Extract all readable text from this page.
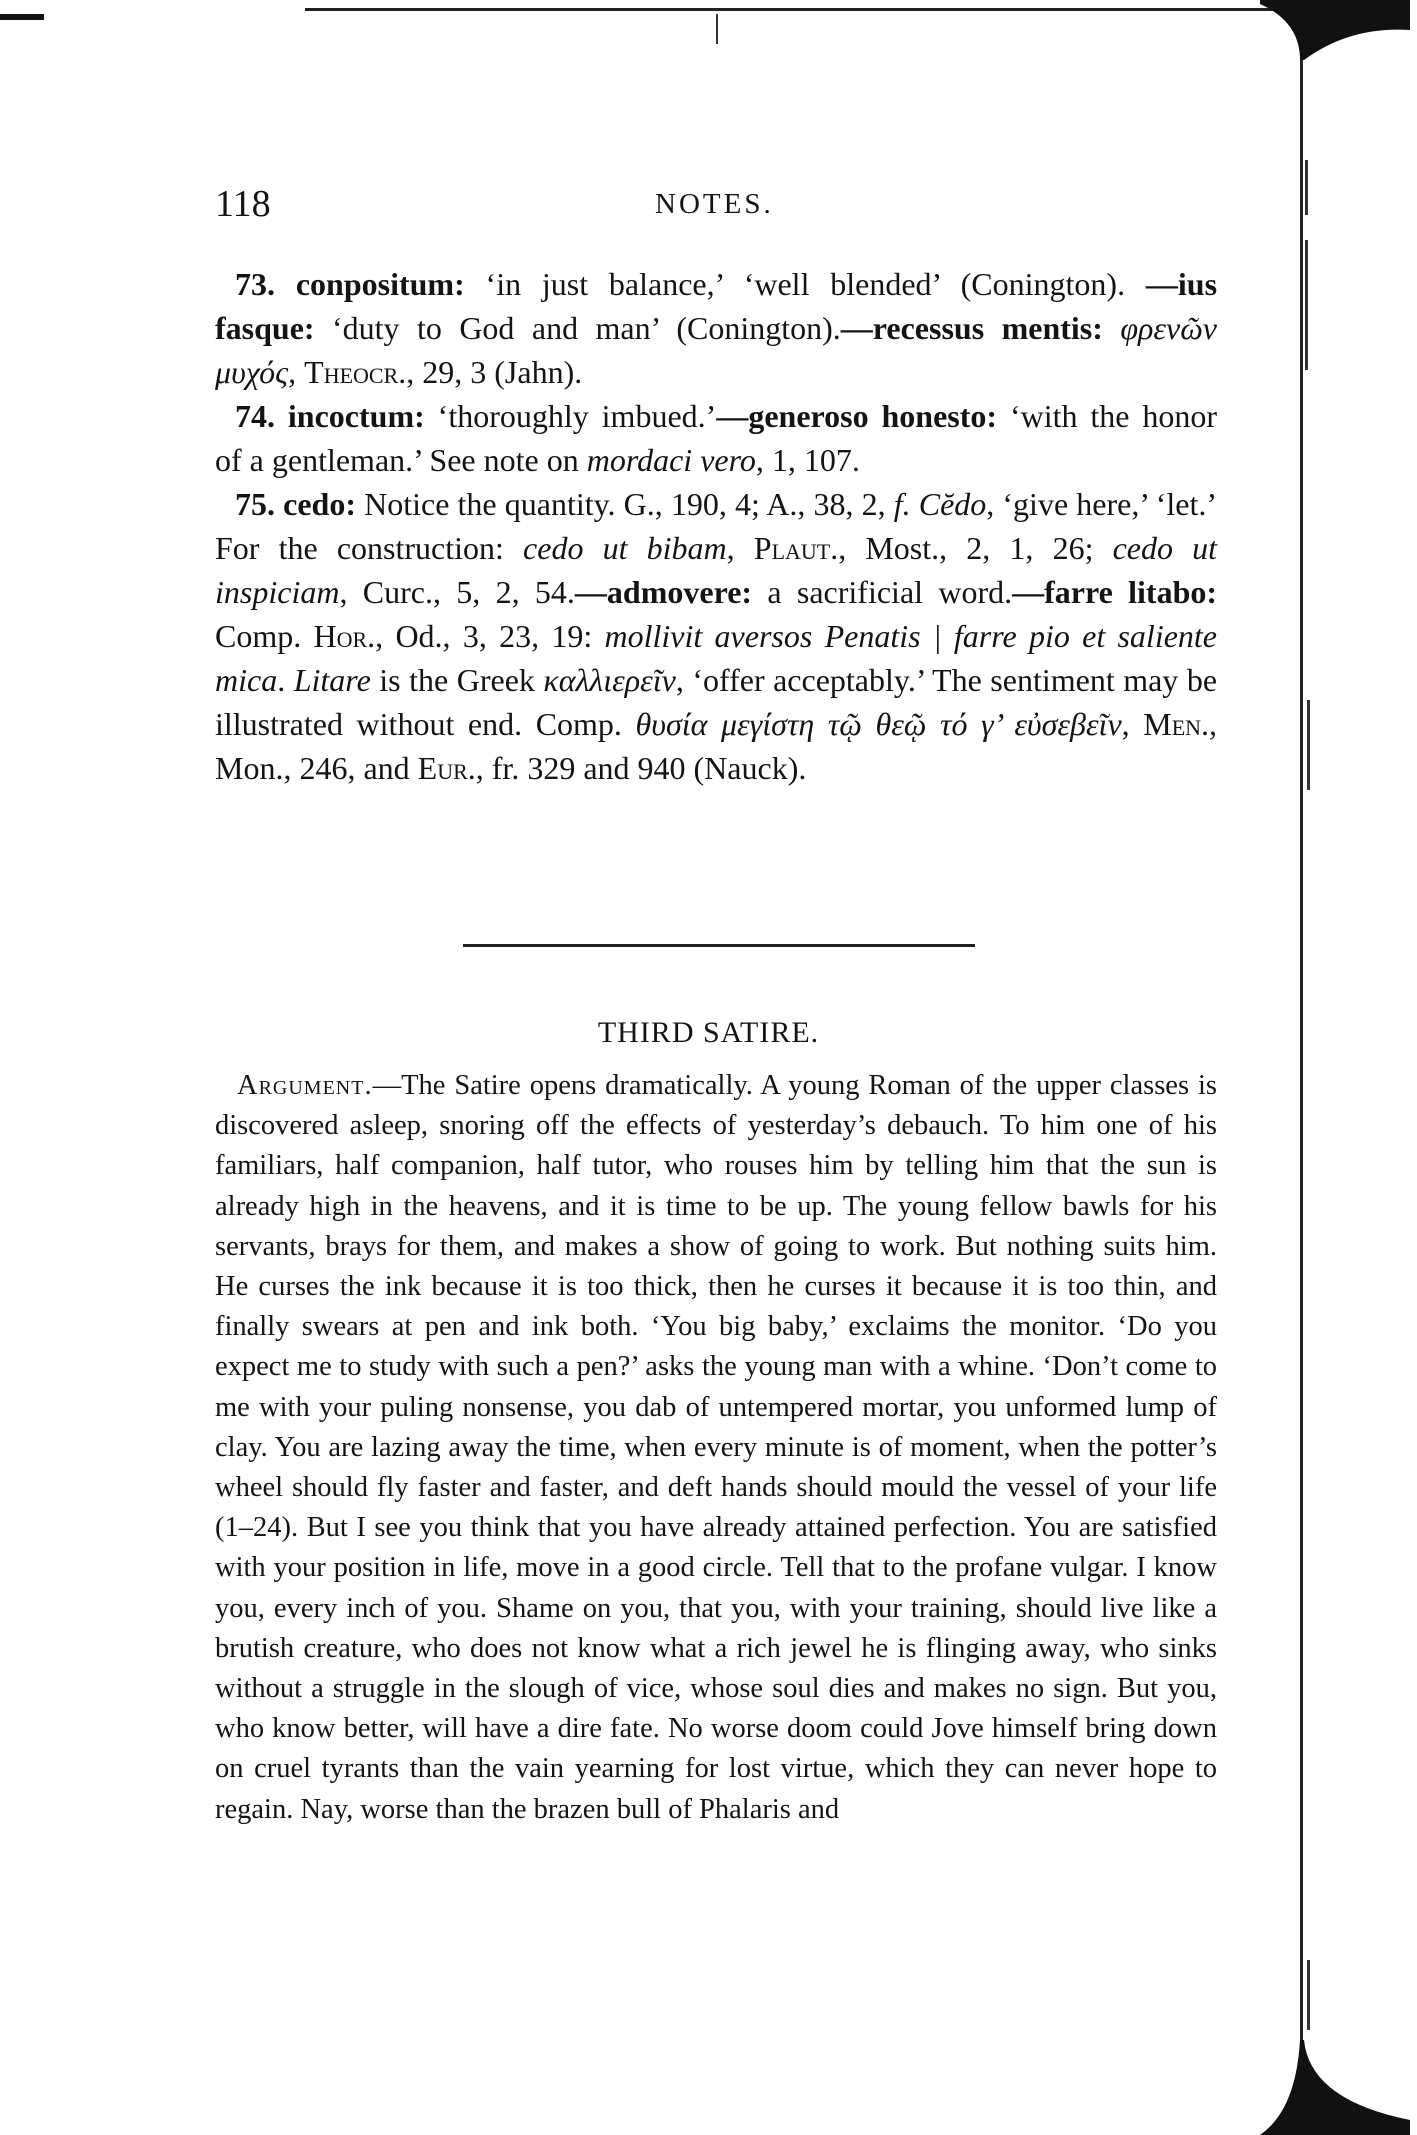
118	NOTES.

73. conpositum: ‘in just balance,’ ‘well blended’ (Conington). —ius fasque: ‘duty to God and man’ (Conington).—recessus mentis: φρενῶν μυχός, Theocr., 29, 3 (Jahn).

74. incoctum: ‘thoroughly imbued.’—generoso honesto: ‘with the honor of a gentleman.’ See note on mordaci vero, 1, 107.

75. cedo: Notice the quantity. G., 190, 4; A., 38, 2, f. Cĕdo, ‘give here,’ ‘let.’ For the construction: cedo ut bibam, Plaut., Most., 2, 1, 26; cedo ut inspiciam, Curc., 5, 2, 54.—admovere: a sacrificial word.—farre litabo: Comp. Hor., Od., 3, 23, 19: mollivit aversos Penatis | farre pio et saliente mica. Litare is the Greek καλλιερεῖν, ‘offer acceptably.’ The sentiment may be illustrated without end. Comp. θυσία μεγίστη τῷ θεῷ τό γ’ εὐσεβεῖν, Men., Mon., 246, and Eur., fr. 329 and 940 (Nauck).

THIRD SATIRE.

Argument.—The Satire opens dramatically. A young Roman of the upper classes is discovered asleep, snoring off the effects of yesterday’s debauch. To him one of his familiars, half companion, half tutor, who rouses him by telling him that the sun is already high in the heavens, and it is time to be up. The young fellow bawls for his servants, brays for them, and makes a show of going to work. But nothing suits him. He curses the ink because it is too thick, then he curses it because it is too thin, and finally swears at pen and ink both. ‘You big baby,’ exclaims the monitor. ‘Do you expect me to study with such a pen?’ asks the young man with a whine. ‘Don’t come to me with your puling nonsense, you dab of untempered mortar, you unformed lump of clay. You are lazing away the time, when every minute is of moment, when the potter’s wheel should fly faster and faster, and deft hands should mould the vessel of your life (1–24). But I see you think that you have already attained perfection. You are satisfied with your position in life, move in a good circle. Tell that to the profane vulgar. I know you, every inch of you. Shame on you, that you, with your training, should live like a brutish creature, who does not know what a rich jewel he is flinging away, who sinks without a struggle in the slough of vice, whose soul dies and makes no sign. But you, who know better, will have a dire fate. No worse doom could Jove himself bring down on cruel tyrants than the vain yearning for lost virtue, which they can never hope to regain. Nay, worse than the brazen bull of Phalaris and
